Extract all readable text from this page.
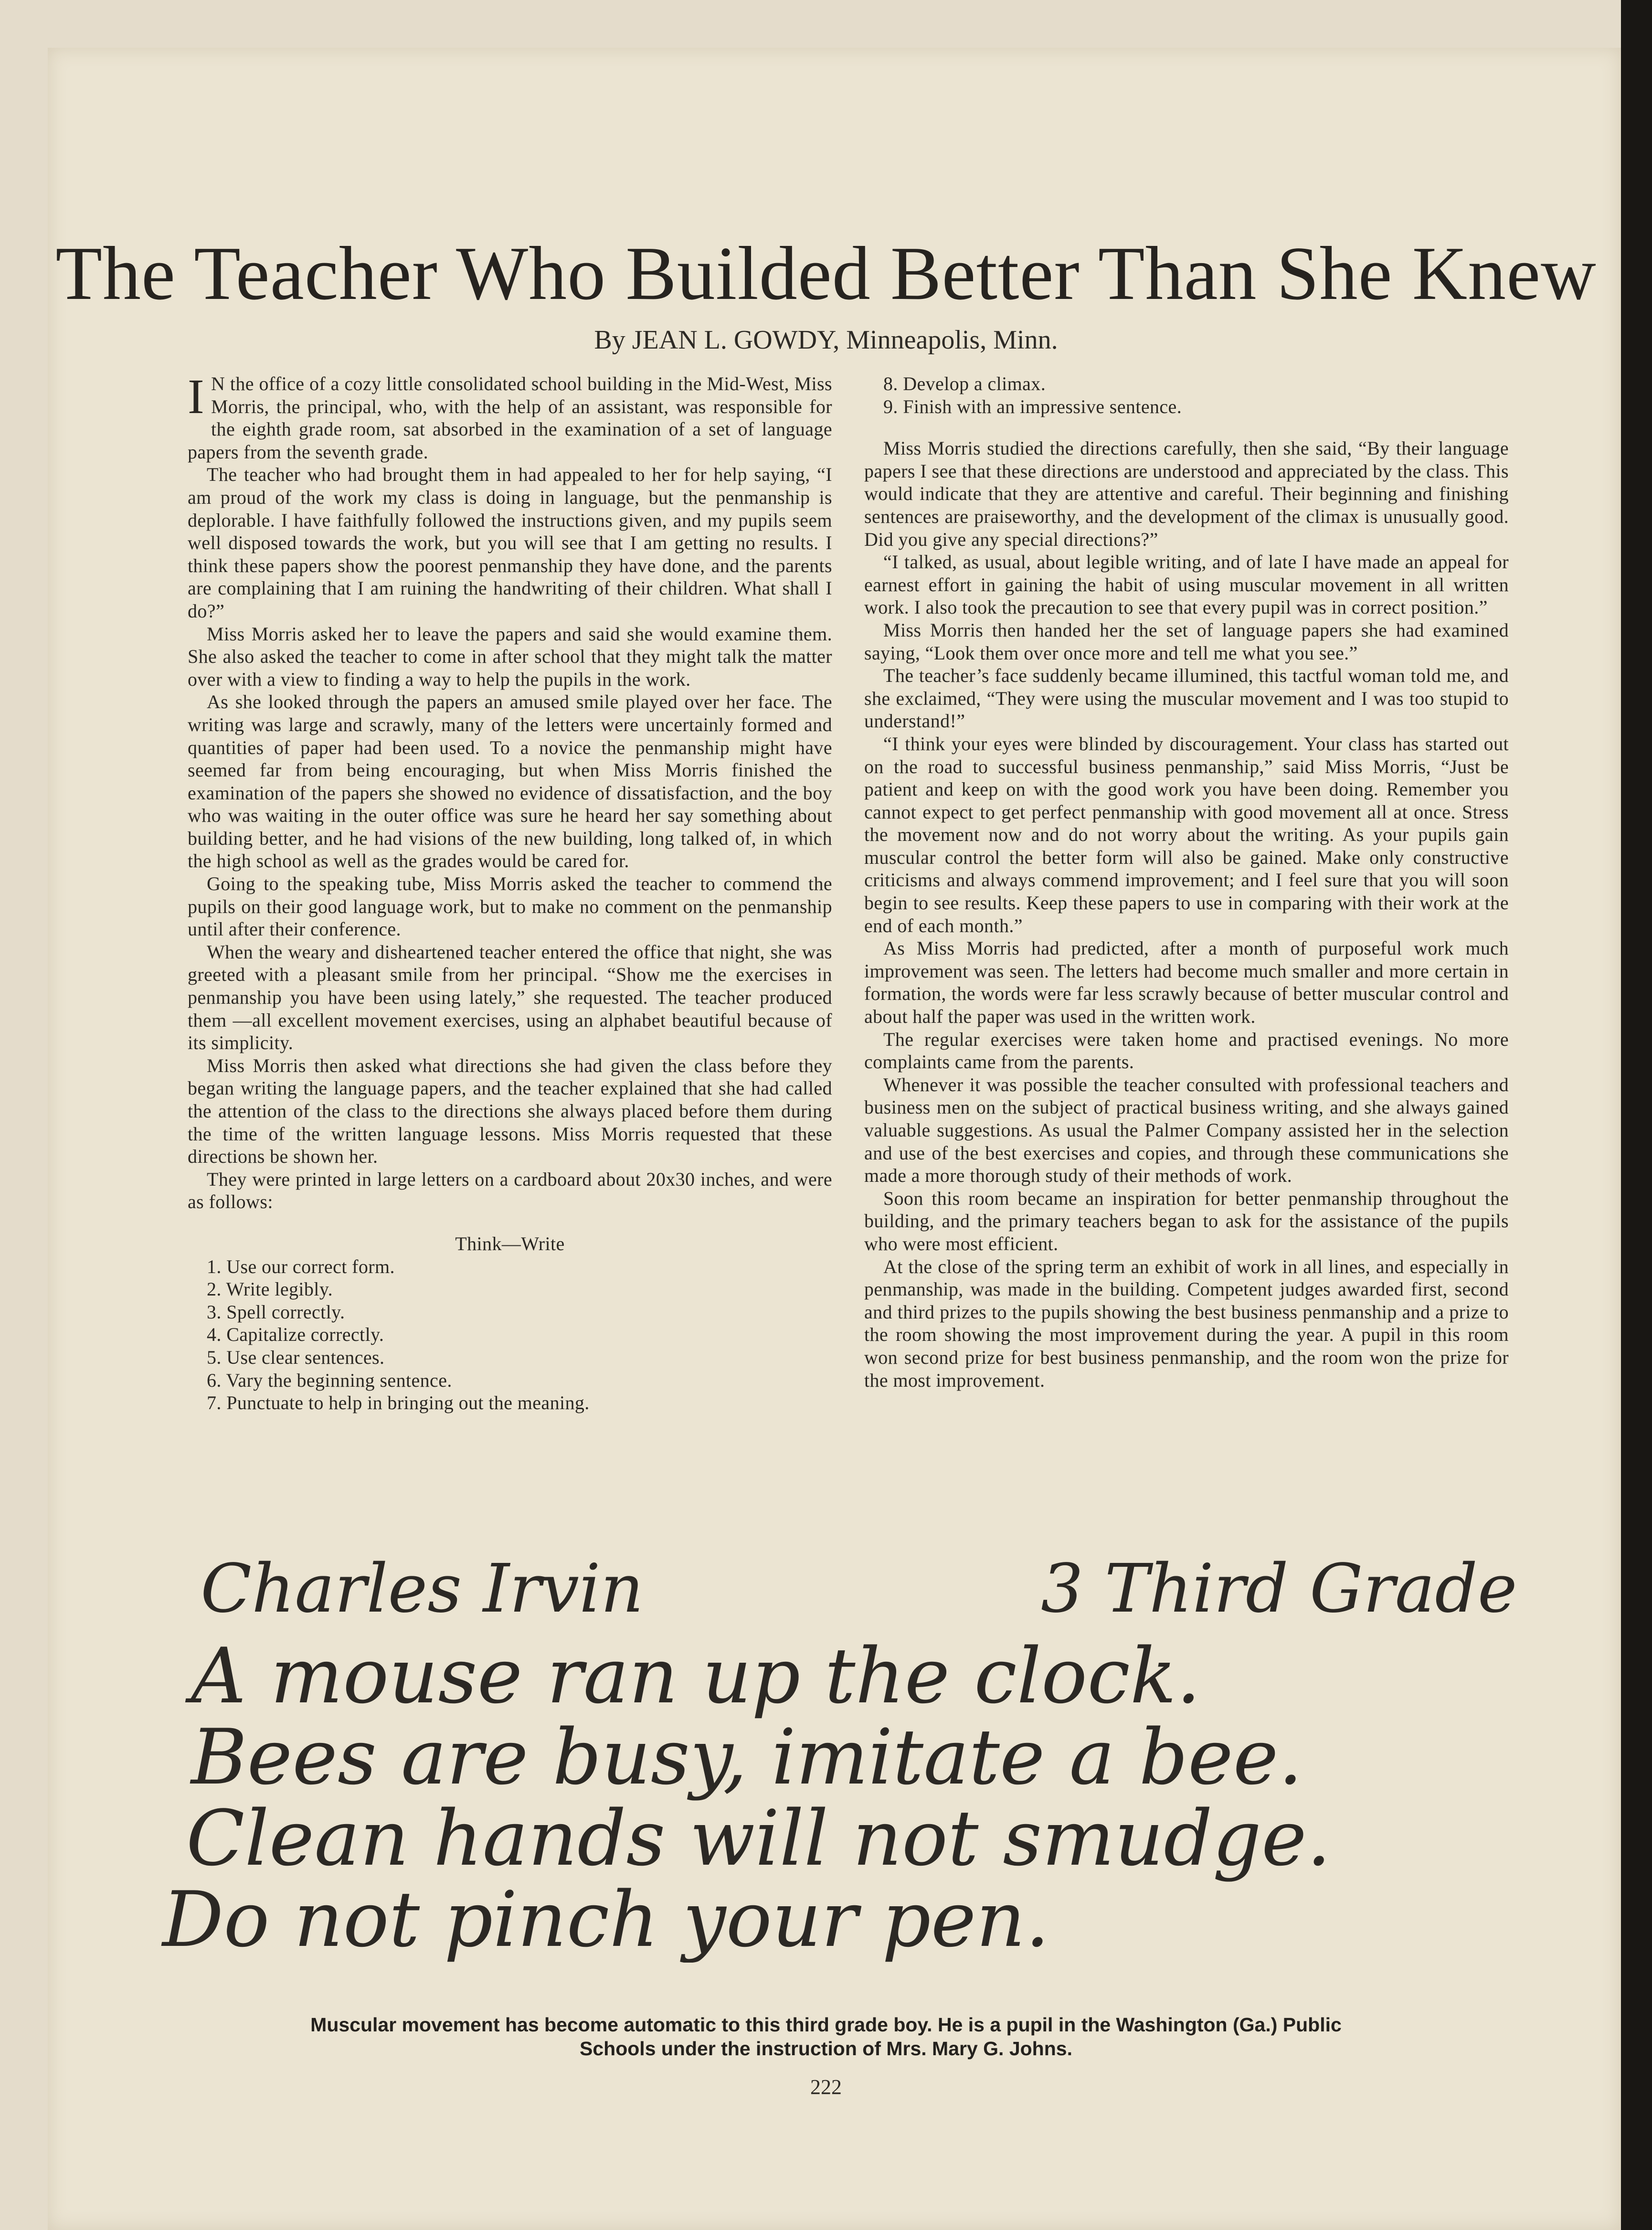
The Teacher Who Builded Better Than She Knew
By JEAN L. GOWDY, Minneapolis, Minn.

I N the office of a cozy little consolidated school building in the Mid-West, Miss Morris, the principal, who, with the help of an assistant, was responsible for the eighth grade room, sat absorbed in the examination of a set of language papers from the seventh grade.

The teacher who had brought them in had appealed to her for help saying, “I am proud of the work my class is doing in language, but the penmanship is deplorable. I have faithfully followed the instructions given, and my pupils seem well disposed towards the work, but you will see that I am getting no results. I think these papers show the poorest penmanship they have done, and the parents are complaining that I am ruining the handwriting of their children. What shall I do?”

Miss Morris asked her to leave the papers and said she would examine them. She also asked the teacher to come in after school that they might talk the matter over with a view to finding a way to help the pupils in the work.

As she looked through the papers an amused smile played over her face. The writing was large and scrawly, many of the letters were uncertainly formed and quantities of paper had been used. To a novice the penmanship might have seemed far from being encouraging, but when Miss Morris finished the examination of the papers she showed no evidence of dissatisfaction, and the boy who was waiting in the outer office was sure he heard her say something about building better, and he had visions of the new building, long talked of, in which the high school as well as the grades would be cared for.

Going to the speaking tube, Miss Morris asked the teacher to commend the pupils on their good language work, but to make no comment on the penmanship until after their conference.

When the weary and disheartened teacher entered the office that night, she was greeted with a pleasant smile from her principal. “Show me the exercises in penmanship you have been using lately,” she requested. The teacher produced them —all excellent movement exercises, using an alphabet beautiful because of its simplicity.

Miss Morris then asked what directions she had given the class before they began writing the language papers, and the teacher explained that she had called the attention of the class to the directions she always placed before them during the time of the written language lessons. Miss Morris requested that these directions be shown her.

They were printed in large letters on a cardboard about 20x30 inches, and were as follows:

Think—Write

1. Use our correct form.
2. Write legibly.
3. Spell correctly.
4. Capitalize correctly.
5. Use clear sentences.
6. Vary the beginning sentence.
7. Punctuate to help in bringing out the meaning.
8. Develop a climax.
9. Finish with an impressive sentence.

Miss Morris studied the directions carefully, then she said, “By their language papers I see that these directions are understood and appreciated by the class. This would indicate that they are attentive and careful. Their beginning and finishing sentences are praiseworthy, and the development of the climax is unusually good. Did you give any special directions?”

“I talked, as usual, about legible writing, and of late I have made an appeal for earnest effort in gaining the habit of using muscular movement in all written work. I also took the precaution to see that every pupil was in correct position.”

Miss Morris then handed her the set of language papers she had examined saying, “Look them over once more and tell me what you see.”

The teacher’s face suddenly became illumined, this tactful woman told me, and she exclaimed, “They were using the muscular movement and I was too stupid to understand!”

“I think your eyes were blinded by discouragement. Your class has started out on the road to successful business penmanship,” said Miss Morris, “Just be patient and keep on with the good work you have been doing. Remember you cannot expect to get perfect penmanship with good movement all at once. Stress the movement now and do not worry about the writing. As your pupils gain muscular control the better form will also be gained. Make only constructive criticisms and always commend improvement; and I feel sure that you will soon begin to see results. Keep these papers to use in comparing with their work at the end of each month.”

As Miss Morris had predicted, after a month of purposeful work much improvement was seen. The letters had become much smaller and more certain in formation, the words were far less scrawly because of better muscular control and about half the paper was used in the written work.

The regular exercises were taken home and practised evenings. No more complaints came from the parents.

Whenever it was possible the teacher consulted with professional teachers and business men on the subject of practical business writing, and she always gained valuable suggestions. As usual the Palmer Company assisted her in the selection and use of the best exercises and copies, and through these communications she made a more thorough study of their methods of work.

Soon this room became an inspiration for better penmanship throughout the building, and the primary teachers began to ask for the assistance of the pupils who were most efficient.

At the close of the spring term an exhibit of work in all lines, and especially in penmanship, was made in the building. Competent judges awarded first, second and third prizes to the pupils showing the best business penmanship and a prize to the room showing the most improvement during the year. A pupil in this room won second prize for best business penmanship, and the room won the prize for the most improvement.

Charles Irvin	3 Third Grade
A mouse ran up the clock.
Bees are busy, imitate a bee.
Clean hands will not smudge.
Do not pinch your pen.
Muscular movement has become automatic to this third grade boy. He is a pupil in the Washington (Ga.) Public
Schools under the instruction of Mrs. Mary G. Johns.
222
